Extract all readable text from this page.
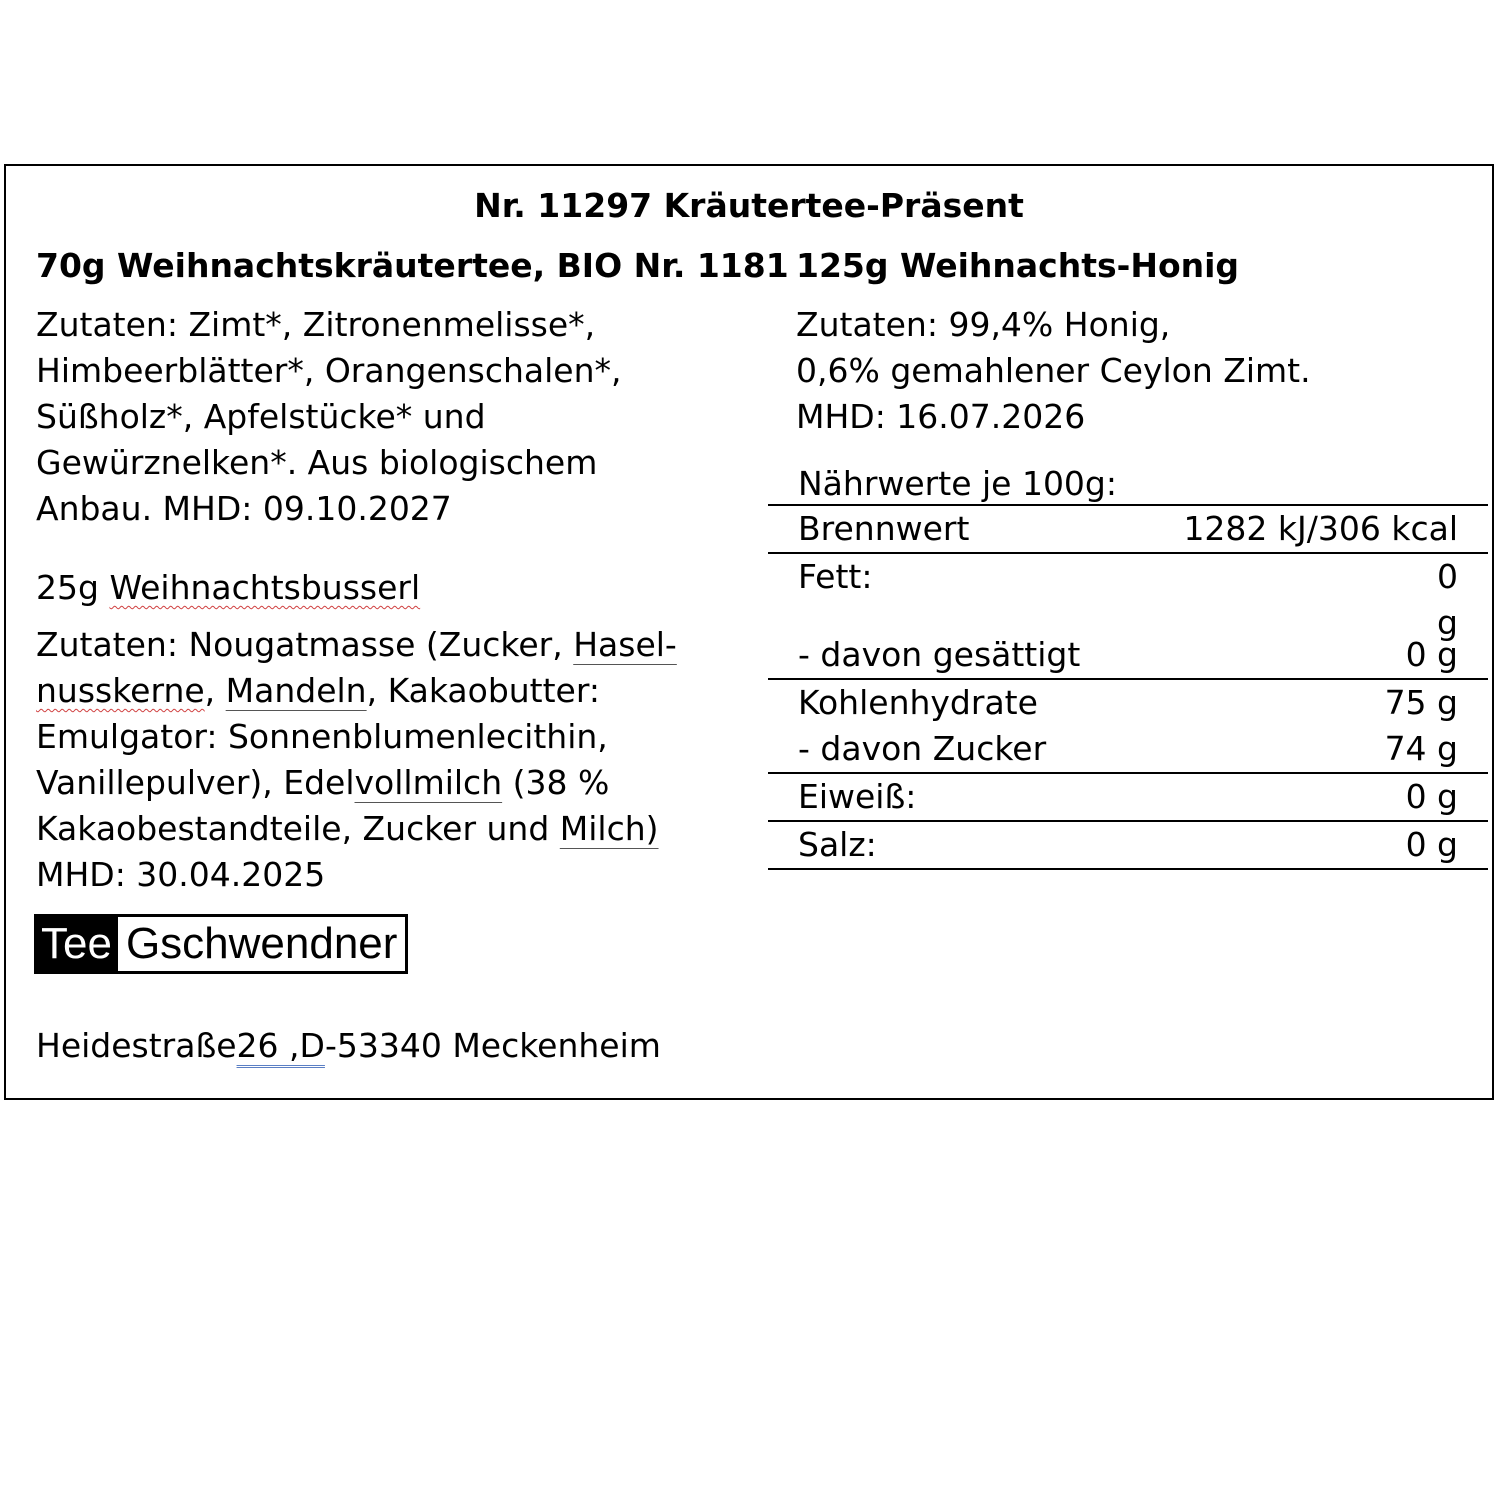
Nr. 11297 Kräutertee-Präsent
70g Weihnachtskräutertee, BIO Nr. 1181
Zutaten: Zimt*, Zitronenmelisse*,
Himbeerblätter*, Orangenschalen*,
Süßholz*, Apfelstücke* und
Gewürznelken*. Aus biologischem
Anbau. MHD: 09.10.2027
25g Weihnachtsbusserl
Zutaten: Nougatmasse (Zucker, Hasel-
nusskerne, Mandeln, Kakaobutter:
Emulgator: Sonnenblumenlecithin,
Vanillepulver), Edelvollmilch (38 %
Kakaobestandteile, Zucker und Milch)
MHD: 30.04.2025
125g Weihnachts-Honig
Zutaten: 99,4% Honig,
0,6% gemahlener Ceylon Zimt.
MHD: 16.07.2026
Nährwerte je 100g:
Brennwert	1282 kJ/306 kcal
Fett:	0
g
- davon gesättigt	0 g
Kohlenhydrate	75 g
- davon Zucker	74 g
Eiweiß:	0 g
Salz:	0 g
Tee Gschwendner
Heidestraße26 ,D-53340 Meckenheim
